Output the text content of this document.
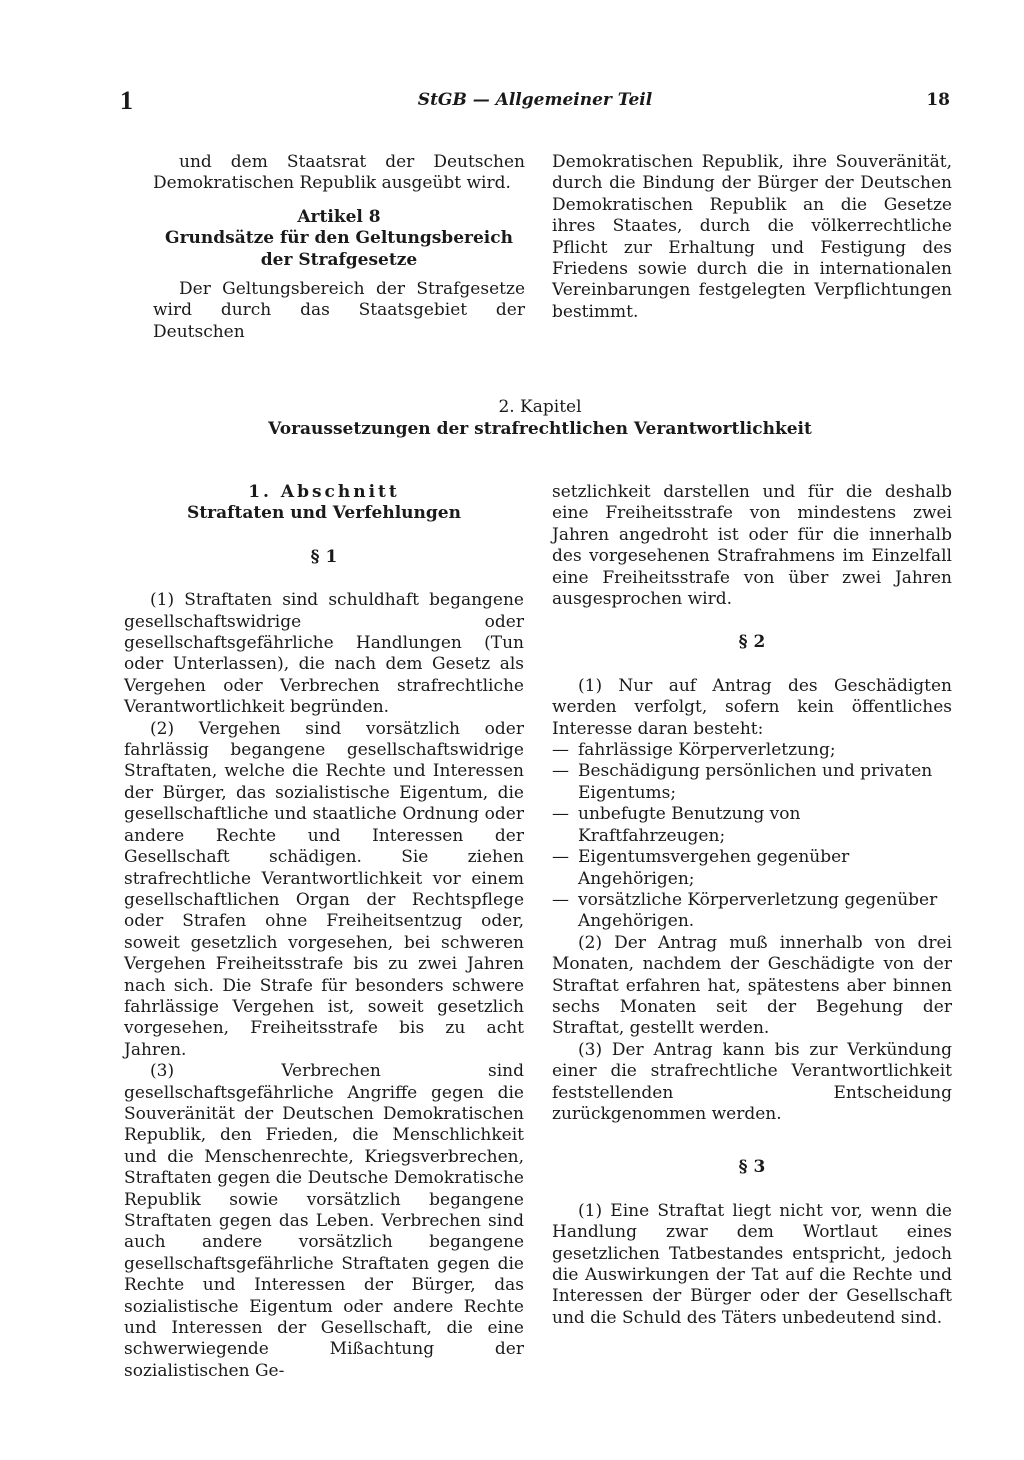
1	StGB — Allgemeiner Teil	18

und dem Staatsrat der Deutschen Demokratischen Republik ausgeübt wird.

Artikel 8
Grundsätze für den Geltungsbereich
der Strafgesetze

Der Geltungsbereich der Strafgesetze wird durch das Staatsgebiet der Deutschen

Demokratischen Republik, ihre Souveränität, durch die Bindung der Bürger der Deutschen Demokratischen Republik an die Gesetze ihres Staates, durch die völkerrechtliche Pflicht zur Erhaltung und Festigung des Friedens sowie durch die in internationalen Vereinbarungen festgelegten Verpflichtungen bestimmt.

2. Kapitel
Voraussetzungen der strafrechtlichen Verantwortlichkeit
1. Abschnitt
Straftaten und Verfehlungen
§ 1

(1) Straftaten sind schuldhaft begangene gesellschaftswidrige oder gesellschaftsgefährliche Handlungen (Tun oder Unterlassen), die nach dem Gesetz als Vergehen oder Verbrechen strafrechtliche Verantwortlichkeit begründen.

(2) Vergehen sind vorsätzlich oder fahrlässig begangene gesellschaftswidrige Straftaten, welche die Rechte und Interessen der Bürger, das sozialistische Eigentum, die gesellschaftliche und staatliche Ordnung oder andere Rechte und Interessen der Gesellschaft schädigen. Sie ziehen strafrechtliche Verantwortlichkeit vor einem gesellschaftlichen Organ der Rechtspflege oder Strafen ohne Freiheitsentzug oder, soweit gesetzlich vorgesehen, bei schweren Vergehen Freiheitsstrafe bis zu zwei Jahren nach sich. Die Strafe für besonders schwere fahrlässige Vergehen ist, soweit gesetzlich vorgesehen, Freiheitsstrafe bis zu acht Jahren.

(3) Verbrechen sind gesellschaftsgefährliche Angriffe gegen die Souveränität der Deutschen Demokratischen Republik, den Frieden, die Menschlichkeit und die Menschenrechte, Kriegsverbrechen, Straftaten gegen die Deutsche Demokratische Republik sowie vorsätzlich begangene Straftaten gegen das Leben. Verbrechen sind auch andere vorsätzlich begangene gesellschaftsgefährliche Straftaten gegen die Rechte und Interessen der Bürger, das sozialistische Eigentum oder andere Rechte und Interessen der Gesellschaft, die eine schwerwiegende Mißachtung der sozialistischen Ge-

setzlichkeit darstellen und für die deshalb eine Freiheitsstrafe von mindestens zwei Jahren angedroht ist oder für die innerhalb des vorgesehenen Strafrahmens im Einzelfall eine Freiheitsstrafe von über zwei Jahren ausgesprochen wird.

§ 2

(1) Nur auf Antrag des Geschädigten werden verfolgt, sofern kein öffentliches Interesse daran besteht:

— fahrlässige Körperverletzung;
— Beschädigung persönlichen und privaten Eigentums;
— unbefugte Benutzung von Kraftfahrzeugen;
— Eigentumsvergehen gegenüber Angehörigen;
— vorsätzliche Körperverletzung gegenüber Angehörigen.

(2) Der Antrag muß innerhalb von drei Monaten, nachdem der Geschädigte von der Straftat erfahren hat, spätestens aber binnen sechs Monaten seit der Begehung der Straftat, gestellt werden.

(3) Der Antrag kann bis zur Verkündung einer die strafrechtliche Verantwortlichkeit feststellenden Entscheidung zurückgenommen werden.

§ 3

(1) Eine Straftat liegt nicht vor, wenn die Handlung zwar dem Wortlaut eines gesetzlichen Tatbestandes entspricht, jedoch die Auswirkungen der Tat auf die Rechte und Interessen der Bürger oder der Gesellschaft und die Schuld des Täters unbedeutend sind.
